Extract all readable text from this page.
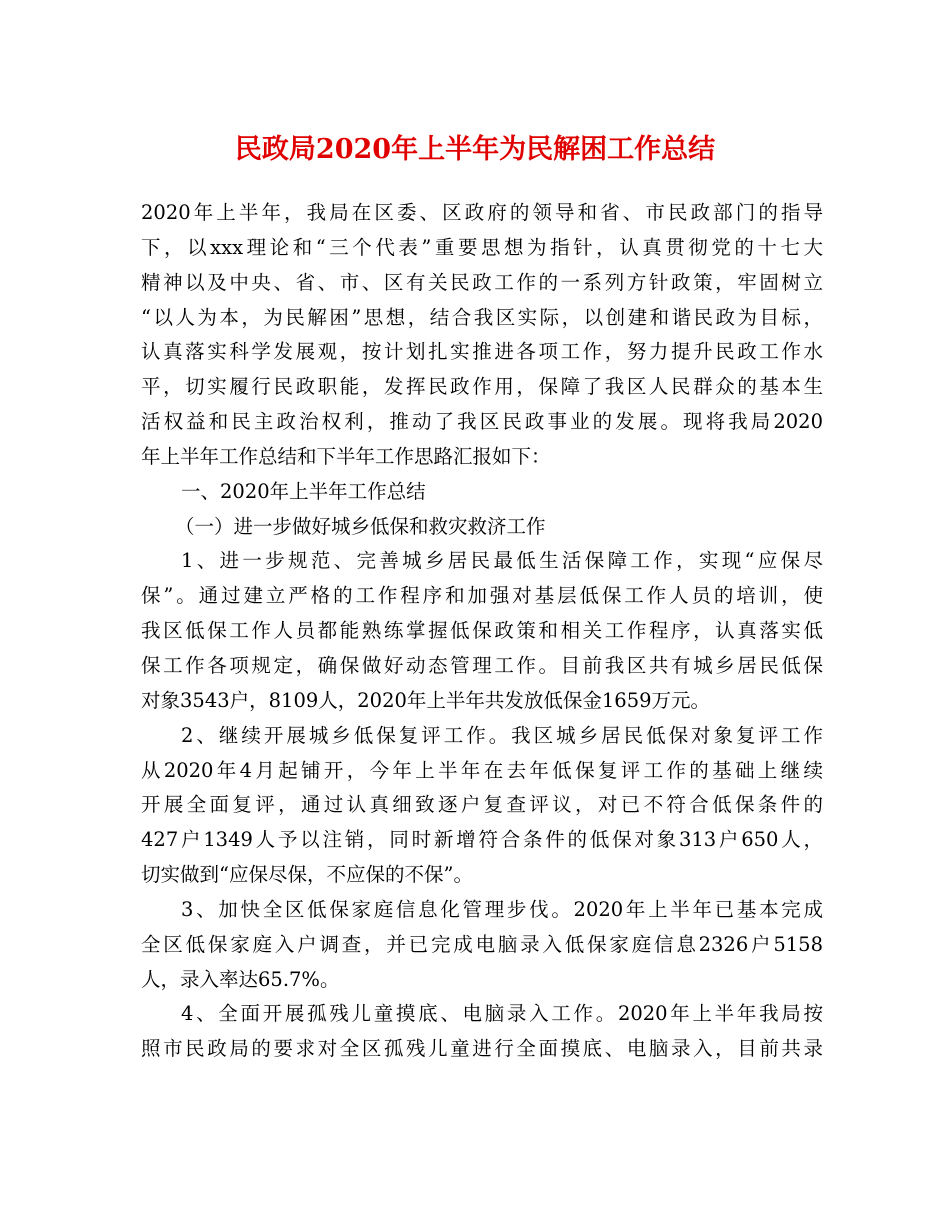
民政局2020年上半年为民解困工作总结
2020年上半年，我局在区委、区政府的领导和省、市民政部门的指导
下，以xxx理论和“三个代表”重要思想为指针，认真贯彻党的十七大
精神以及中央、省、市、区有关民政工作的一系列方针政策，牢固树立
“以人为本，为民解困”思想，结合我区实际，以创建和谐民政为目标，
认真落实科学发展观，按计划扎实推进各项工作，努力提升民政工作水
平，切实履行民政职能，发挥民政作用，保障了我区人民群众的基本生
活权益和民主政治权利，推动了我区民政事业的发展。现将我局2020
年上半年工作总结和下半年工作思路汇报如下：
一、2020年上半年工作总结
（一）进一步做好城乡低保和救灾救济工作
1、进一步规范、完善城乡居民最低生活保障工作，实现“应保尽
保”。通过建立严格的工作程序和加强对基层低保工作人员的培训，使
我区低保工作人员都能熟练掌握低保政策和相关工作程序，认真落实低
保工作各项规定，确保做好动态管理工作。目前我区共有城乡居民低保
对象3543户，8109人，2020年上半年共发放低保金1659万元。
2、继续开展城乡低保复评工作。我区城乡居民低保对象复评工作
从2020年4月起铺开，今年上半年在去年低保复评工作的基础上继续
开展全面复评，通过认真细致逐户复查评议，对已不符合低保条件的
427户1349人予以注销，同时新增符合条件的低保对象313户650人，
切实做到“应保尽保，不应保的不保”。
3、加快全区低保家庭信息化管理步伐。2020年上半年已基本完成
全区低保家庭入户调查，并已完成电脑录入低保家庭信息2326户5158
人，录入率达65.7%。
4、全面开展孤残儿童摸底、电脑录入工作。2020年上半年我局按
照市民政局的要求对全区孤残儿童进行全面摸底、电脑录入，目前共录
